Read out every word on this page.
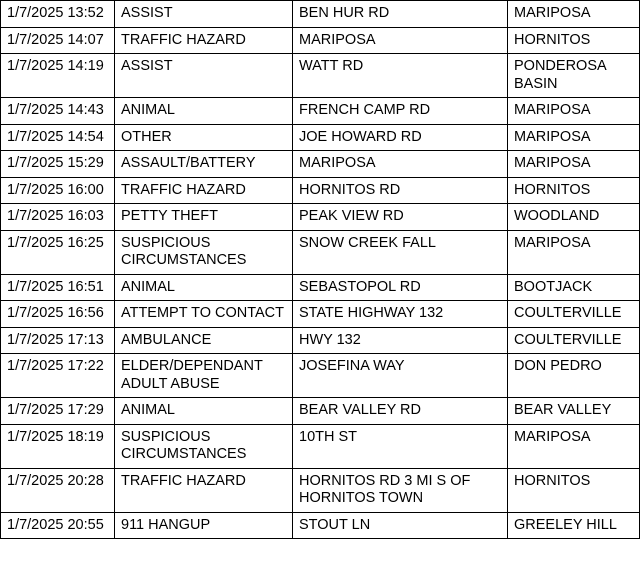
1/7/2025 13:52	ASSIST	BEN HUR RD	MARIPOSA
1/7/2025 14:07	TRAFFIC HAZARD	MARIPOSA	HORNITOS
1/7/2025 14:19	ASSIST	WATT RD	PONDEROSA BASIN
1/7/2025 14:43	ANIMAL	FRENCH CAMP RD	MARIPOSA
1/7/2025 14:54	OTHER	JOE HOWARD RD	MARIPOSA
1/7/2025 15:29	ASSAULT/BATTERY	MARIPOSA	MARIPOSA
1/7/2025 16:00	TRAFFIC HAZARD	HORNITOS RD	HORNITOS
1/7/2025 16:03	PETTY THEFT	PEAK VIEW RD	WOODLAND
1/7/2025 16:25	SUSPICIOUS CIRCUMSTANCES	SNOW CREEK FALL	MARIPOSA
1/7/2025 16:51	ANIMAL	SEBASTOPOL RD	BOOTJACK
1/7/2025 16:56	ATTEMPT TO CONTACT	STATE HIGHWAY 132	COULTERVILLE
1/7/2025 17:13	AMBULANCE	HWY 132	COULTERVILLE
1/7/2025 17:22	ELDER/DEPENDANT ADULT ABUSE	JOSEFINA WAY	DON PEDRO
1/7/2025 17:29	ANIMAL	BEAR VALLEY RD	BEAR VALLEY
1/7/2025 18:19	SUSPICIOUS CIRCUMSTANCES	10TH ST	MARIPOSA
1/7/2025 20:28	TRAFFIC HAZARD	HORNITOS RD 3 MI S OF HORNITOS TOWN	HORNITOS
1/7/2025 20:55	911 HANGUP	STOUT LN	GREELEY HILL
